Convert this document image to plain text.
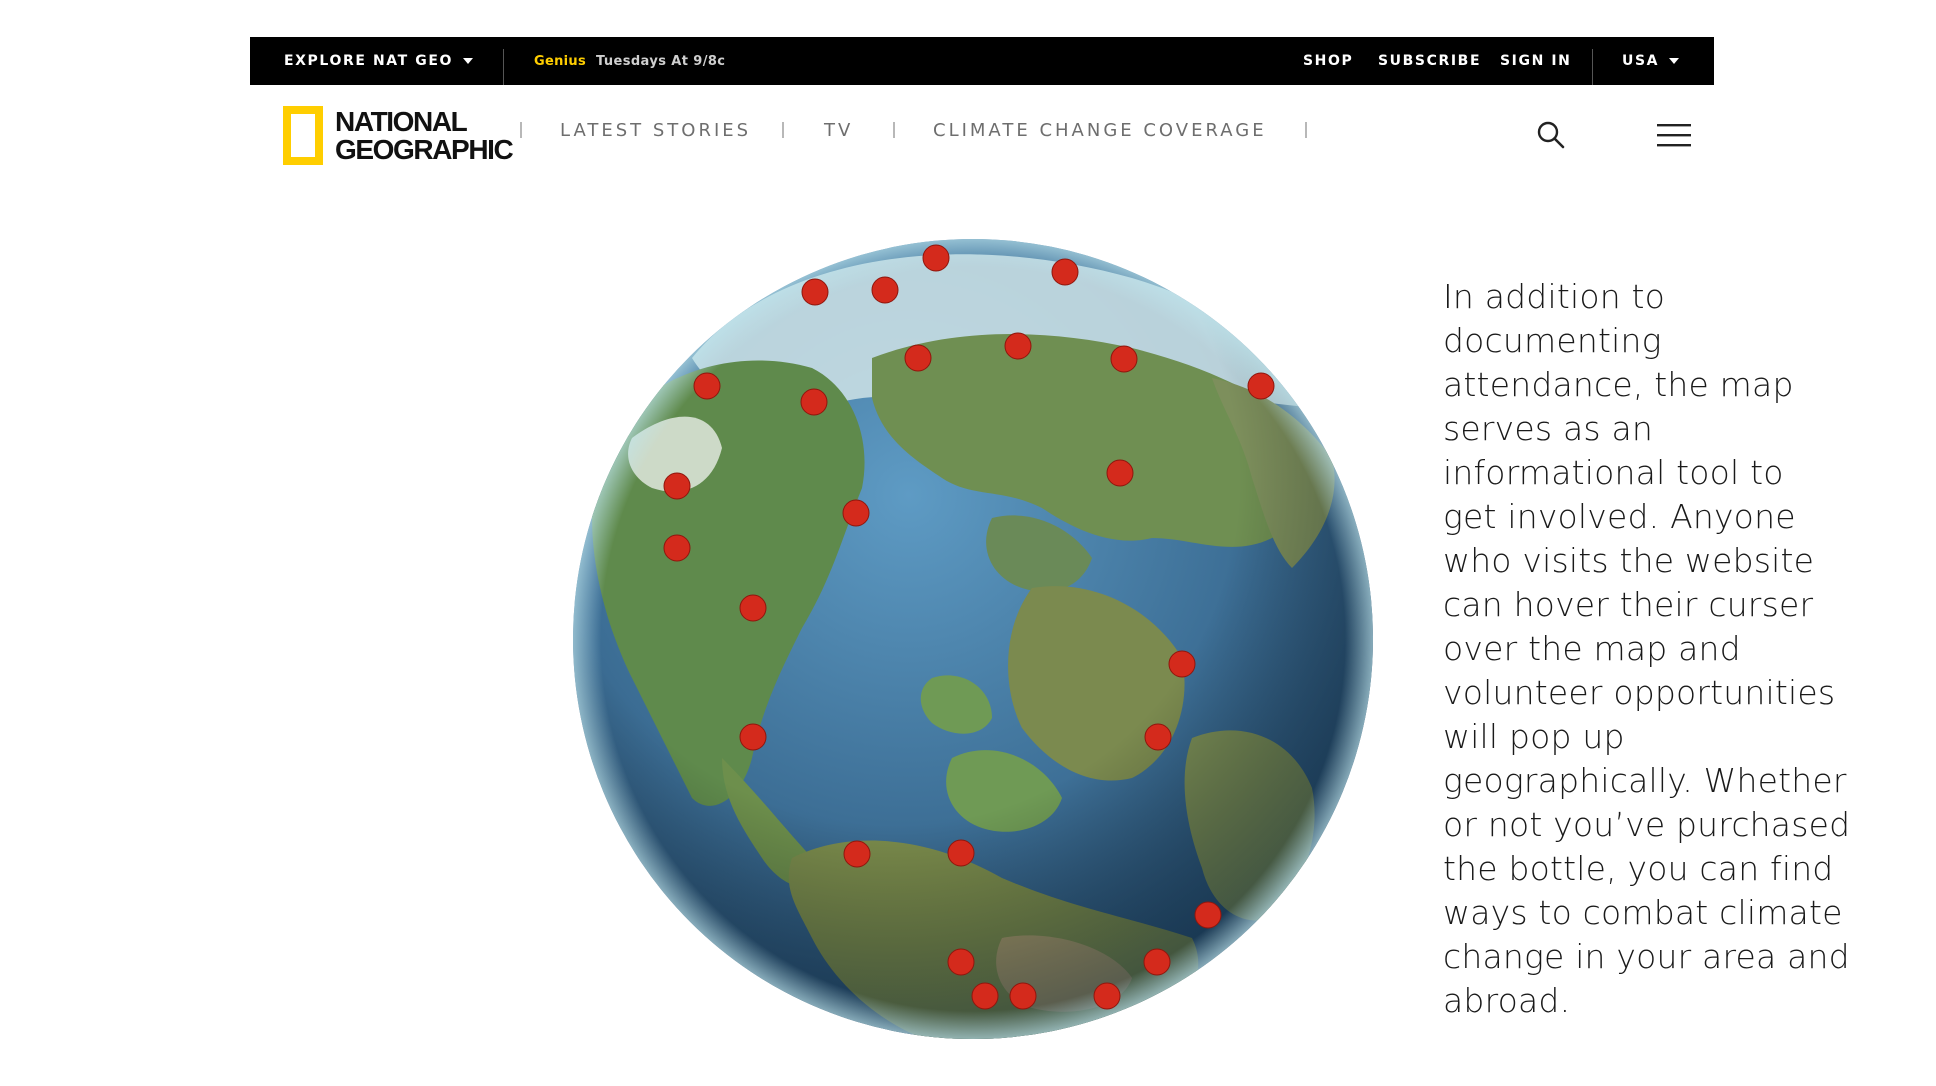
EXPLORE NAT GEO	Genius Tuesdays At 9/8c	SHOP SUBSCRIBE SIGN IN	USA
NATIONAL
GEOGRAPHIC
LATEST STORIES	TV	CLIMATE CHANGE COVERAGE
In addition to
documenting
attendance, the map
serves as an
informational tool to
get involved. Anyone
who visits the website
can hover their curser
over the map and
volunteer opportunities
will pop up
geographically. Whether
or not you’ve purchased
the bottle, you can find
ways to combat climate
change in your area and
abroad.
